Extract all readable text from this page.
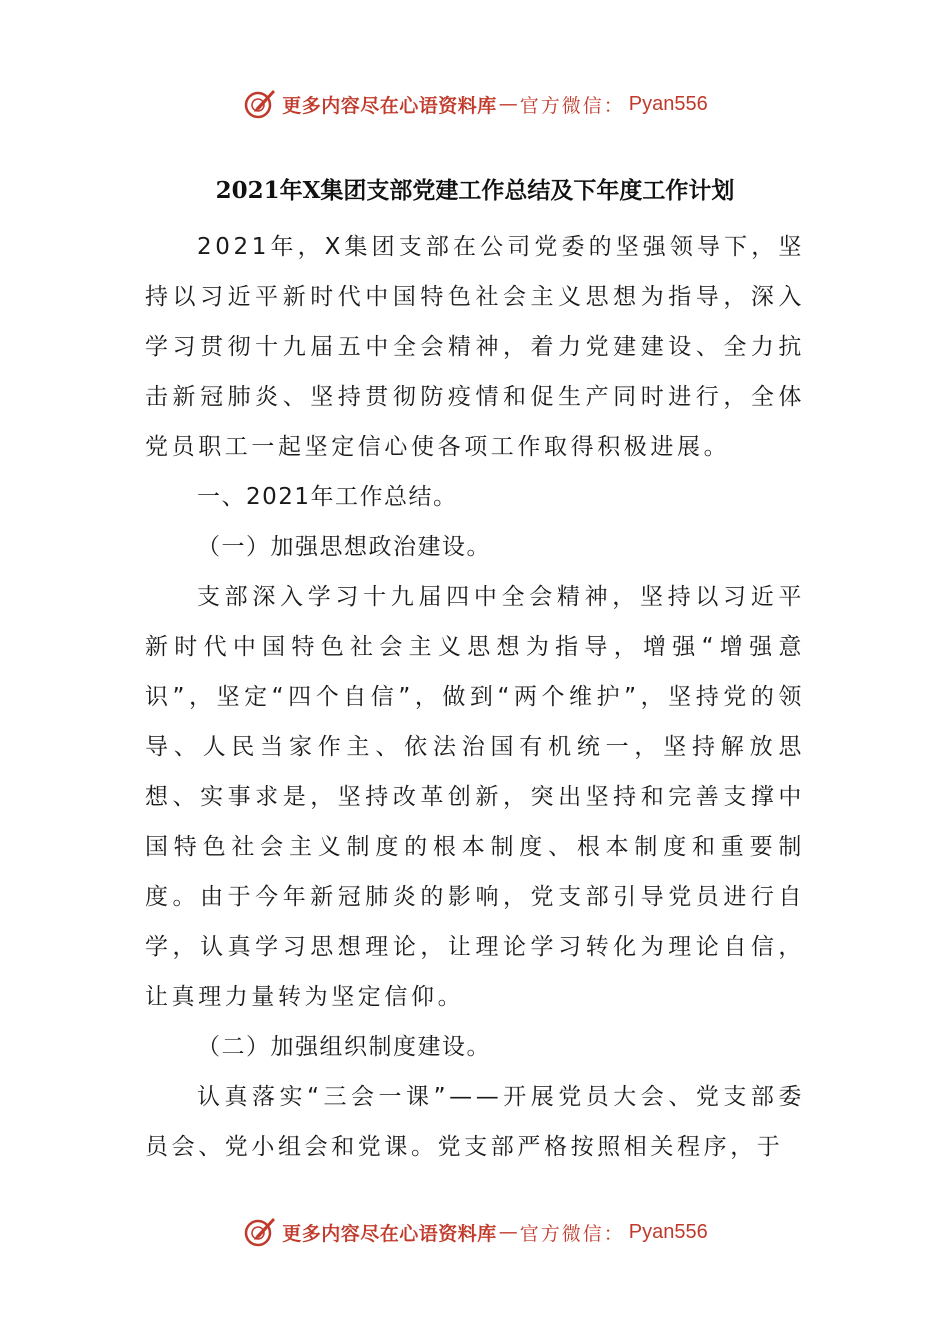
更多内容尽在心语资料库 — 官方微信： Pyan556
2021年X集团支部党建工作总结及下年度工作计划

2021年，X集团支部在公司党委的坚强领导下，坚持以习近平新时代中国特色社会主义思想为指导，深入学习贯彻十九届五中全会精神，着力党建建设、全力抗击新冠肺炎、坚持贯彻防疫情和促生产同时进行，全体党员职工一起坚定信心使各项工作取得积极进展。

一、2021年工作总结。

（一）加强思想政治建设。

支部深入学习十九届四中全会精神，坚持以习近平新时代中国特色社会主义思想为指导，增强“增强意识”，坚定“四个自信”，做到“两个维护”，坚持党的领导、人民当家作主、依法治国有机统一，坚持解放思想、实事求是，坚持改革创新，突出坚持和完善支撑中国特色社会主义制度的根本制度、根本制度和重要制度。由于今年新冠肺炎的影响，党支部引导党员进行自学，认真学习思想理论，让理论学习转化为理论自信，让真理力量转为坚定信仰。

（二）加强组织制度建设。

认真落实“三会一课”——开展党员大会、党支部委员会、党小组会和党课。党支部严格按照相关程序，于

更多内容尽在心语资料库 — 官方微信： Pyan556
